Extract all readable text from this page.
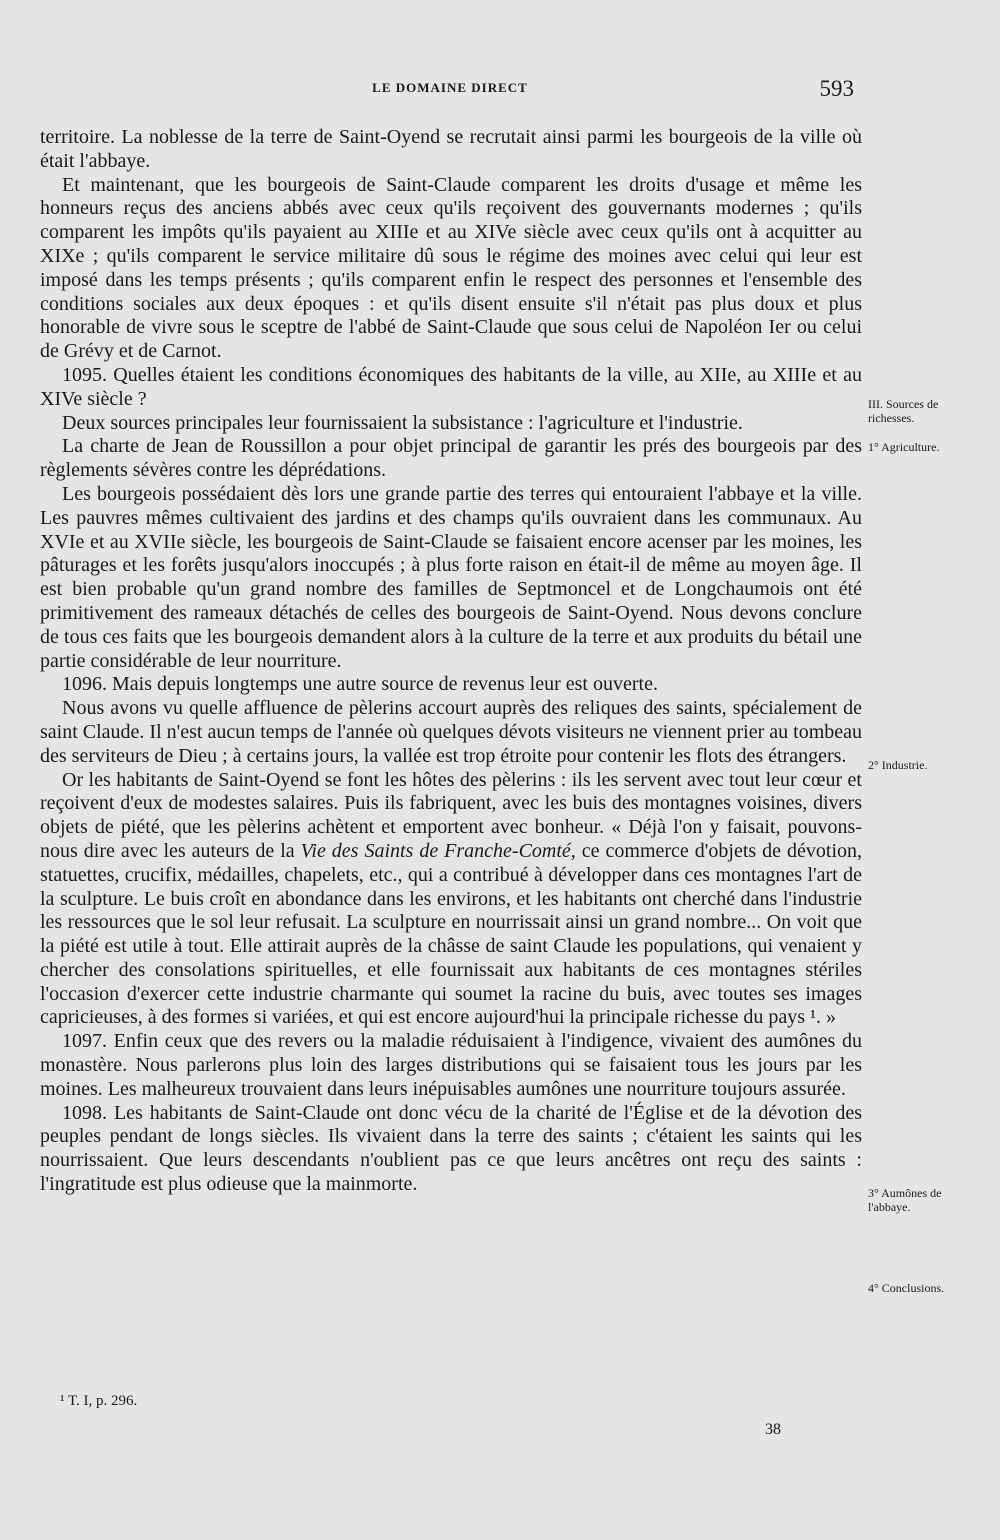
LE DOMAINE DIRECT	593

territoire. La noblesse de la terre de Saint-Oyend se recrutait ainsi parmi les bourgeois de la ville où était l'abbaye.

Et maintenant, que les bourgeois de Saint-Claude comparent les droits d'usage et même les honneurs reçus des anciens abbés avec ceux qu'ils reçoivent des gouvernants modernes ; qu'ils comparent les impôts qu'ils payaient au XIIIe et au XIVe siècle avec ceux qu'ils ont à acquitter au XIXe ; qu'ils comparent le service militaire dû sous le régime des moines avec celui qui leur est imposé dans les temps présents ; qu'ils comparent enfin le respect des personnes et l'ensemble des conditions sociales aux deux époques : et qu'ils disent ensuite s'il n'était pas plus doux et plus honorable de vivre sous le sceptre de l'abbé de Saint-Claude que sous celui de Napoléon Ier ou celui de Grévy et de Carnot.

1095. Quelles étaient les conditions économiques des habitants de la ville, au XIIe, au XIIIe et au XIVe siècle ?

Deux sources principales leur fournissaient la subsistance : l'agriculture et l'industrie.

La charte de Jean de Roussillon a pour objet principal de garantir les prés des bourgeois par des règlements sévères contre les déprédations.

Les bourgeois possédaient dès lors une grande partie des terres qui entouraient l'abbaye et la ville. Les pauvres mêmes cultivaient des jardins et des champs qu'ils ouvraient dans les communaux. Au XVIe et au XVIIe siècle, les bourgeois de Saint-Claude se faisaient encore acenser par les moines, les pâturages et les forêts jusqu'alors inoccupés ; à plus forte raison en était-il de même au moyen âge. Il est bien probable qu'un grand nombre des familles de Septmoncel et de Longchaumois ont été primitivement des rameaux détachés de celles des bourgeois de Saint-Oyend. Nous devons conclure de tous ces faits que les bourgeois demandent alors à la culture de la terre et aux produits du bétail une partie considérable de leur nourriture.

1096. Mais depuis longtemps une autre source de revenus leur est ouverte.

Nous avons vu quelle affluence de pèlerins accourt auprès des reliques des saints, spécialement de saint Claude. Il n'est aucun temps de l'année où quelques dévots visiteurs ne viennent prier au tombeau des serviteurs de Dieu ; à certains jours, la vallée est trop étroite pour contenir les flots des étrangers.

Or les habitants de Saint-Oyend se font les hôtes des pèlerins : ils les servent avec tout leur cœur et reçoivent d'eux de modestes salaires. Puis ils fabriquent, avec les buis des montagnes voisines, divers objets de piété, que les pèlerins achètent et emportent avec bonheur. « Déjà l'on y faisait, pouvons-nous dire avec les auteurs de la Vie des Saints de Franche-Comté, ce commerce d'objets de dévotion, statuettes, crucifix, médailles, chapelets, etc., qui a contribué à développer dans ces montagnes l'art de la sculpture. Le buis croît en abondance dans les environs, et les habitants ont cherché dans l'industrie les ressources que le sol leur refusait. La sculpture en nourrissait ainsi un grand nombre... On voit que la piété est utile à tout. Elle attirait auprès de la châsse de saint Claude les populations, qui venaient y chercher des consolations spirituelles, et elle fournissait aux habitants de ces montagnes stériles l'occasion d'exercer cette industrie charmante qui soumet la racine du buis, avec toutes ses images capricieuses, à des formes si variées, et qui est encore aujourd'hui la principale richesse du pays ¹. »

1097. Enfin ceux que des revers ou la maladie réduisaient à l'indigence, vivaient des aumônes du monastère. Nous parlerons plus loin des larges distributions qui se faisaient tous les jours par les moines. Les malheureux trouvaient dans leurs inépuisables aumônes une nourriture toujours assurée.

1098. Les habitants de Saint-Claude ont donc vécu de la charité de l'Église et de la dévotion des peuples pendant de longs siècles. Ils vivaient dans la terre des saints ; c'étaient les saints qui les nourrissaient. Que leurs descendants n'oublient pas ce que leurs ancêtres ont reçu des saints : l'ingratitude est plus odieuse que la mainmorte.

III. Sources de richesses.
1° Agriculture.
2° Industrie.
3° Aumônes de l'abbaye.
4° Conclusions.
¹ T. I, p. 296.
38
